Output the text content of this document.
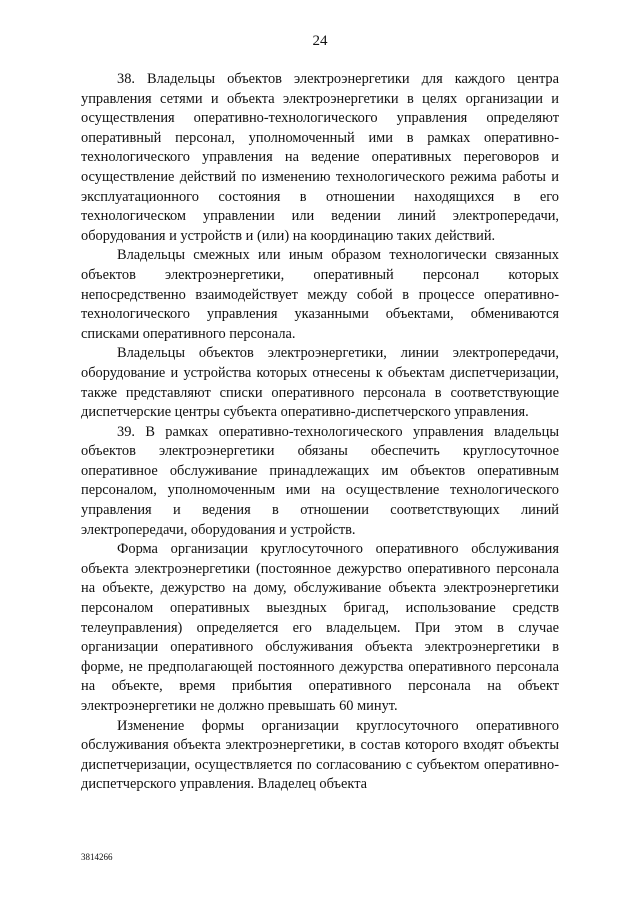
24

38. Владельцы объектов электроэнергетики для каждого центра управления сетями и объекта электроэнергетики в целях организации и осуществления оперативно-технологического управления определяют оперативный персонал, уполномоченный ими в рамках оперативно-технологического управления на ведение оперативных переговоров и осуществление действий по изменению технологического режима работы и эксплуатационного состояния в отношении находящихся в его технологическом управлении или ведении линий электропередачи, оборудования и устройств и (или) на координацию таких действий.

Владельцы смежных или иным образом технологически связанных объектов электроэнергетики, оперативный персонал которых непосредственно взаимодействует между собой в процессе оперативно-технологического управления указанными объектами, обмениваются списками оперативного персонала.

Владельцы объектов электроэнергетики, линии электропередачи, оборудование и устройства которых отнесены к объектам диспетчеризации, также представляют списки оперативного персонала в соответствующие диспетчерские центры субъекта оперативно-диспетчерского управления.

39. В рамках оперативно-технологического управления владельцы объектов электроэнергетики обязаны обеспечить круглосуточное оперативное обслуживание принадлежащих им объектов оперативным персоналом, уполномоченным ими на осуществление технологического управления и ведения в отношении соответствующих линий электропередачи, оборудования и устройств.

Форма организации круглосуточного оперативного обслуживания объекта электроэнергетики (постоянное дежурство оперативного персонала на объекте, дежурство на дому, обслуживание объекта электроэнергетики персоналом оперативных выездных бригад, использование средств телеуправления) определяется его владельцем. При этом в случае организации оперативного обслуживания объекта электроэнергетики в форме, не предполагающей постоянного дежурства оперативного персонала на объекте, время прибытия оперативного персонала на объект электроэнергетики не должно превышать 60 минут.

Изменение формы организации круглосуточного оперативного обслуживания объекта электроэнергетики, в состав которого входят объекты диспетчеризации, осуществляется по согласованию с субъектом оперативно-диспетчерского управления. Владелец объекта

3814266
